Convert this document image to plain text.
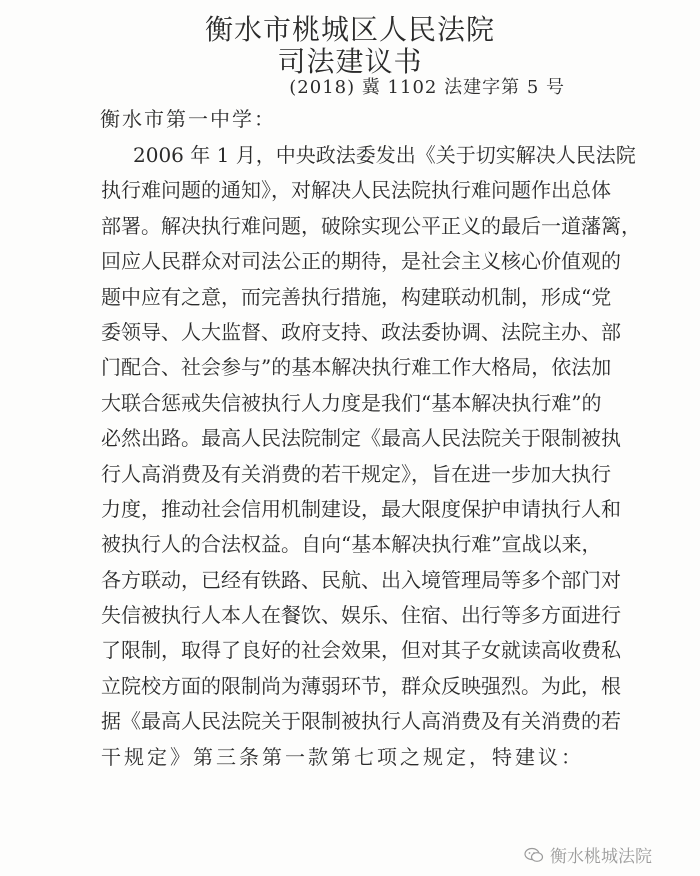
衡水市桃城区人民法院
司法建议书
(2018) 冀 1102 法建字第 5 号
衡水市第一中学：
2006 年 1 月，中央政法委发出《关于切实解决人民法院
执行难问题的通知》，对解决人民法院执行难问题作出总体
部署。解决执行难问题，破除实现公平正义的最后一道藩篱，
回应人民群众对司法公正的期待，是社会主义核心价值观的
题中应有之意，而完善执行措施，构建联动机制，形成“党
委领导、人大监督、政府支持、政法委协调、法院主办、部
门配合、社会参与”的基本解决执行难工作大格局，依法加
大联合惩戒失信被执行人力度是我们“基本解决执行难”的
必然出路。最高人民法院制定《最高人民法院关于限制被执
行人高消费及有关消费的若干规定》，旨在进一步加大执行
力度，推动社会信用机制建设，最大限度保护申请执行人和
被执行人的合法权益。自向“基本解决执行难”宣战以来，
各方联动，已经有铁路、民航、出入境管理局等多个部门对
失信被执行人本人在餐饮、娱乐、住宿、出行等多方面进行
了限制，取得了良好的社会效果，但对其子女就读高收费私
立院校方面的限制尚为薄弱环节，群众反映强烈。为此，根
据《最高人民法院关于限制被执行人高消费及有关消费的若
干规定》第三条第一款第七项之规定，特建议：
衡水桃城法院
